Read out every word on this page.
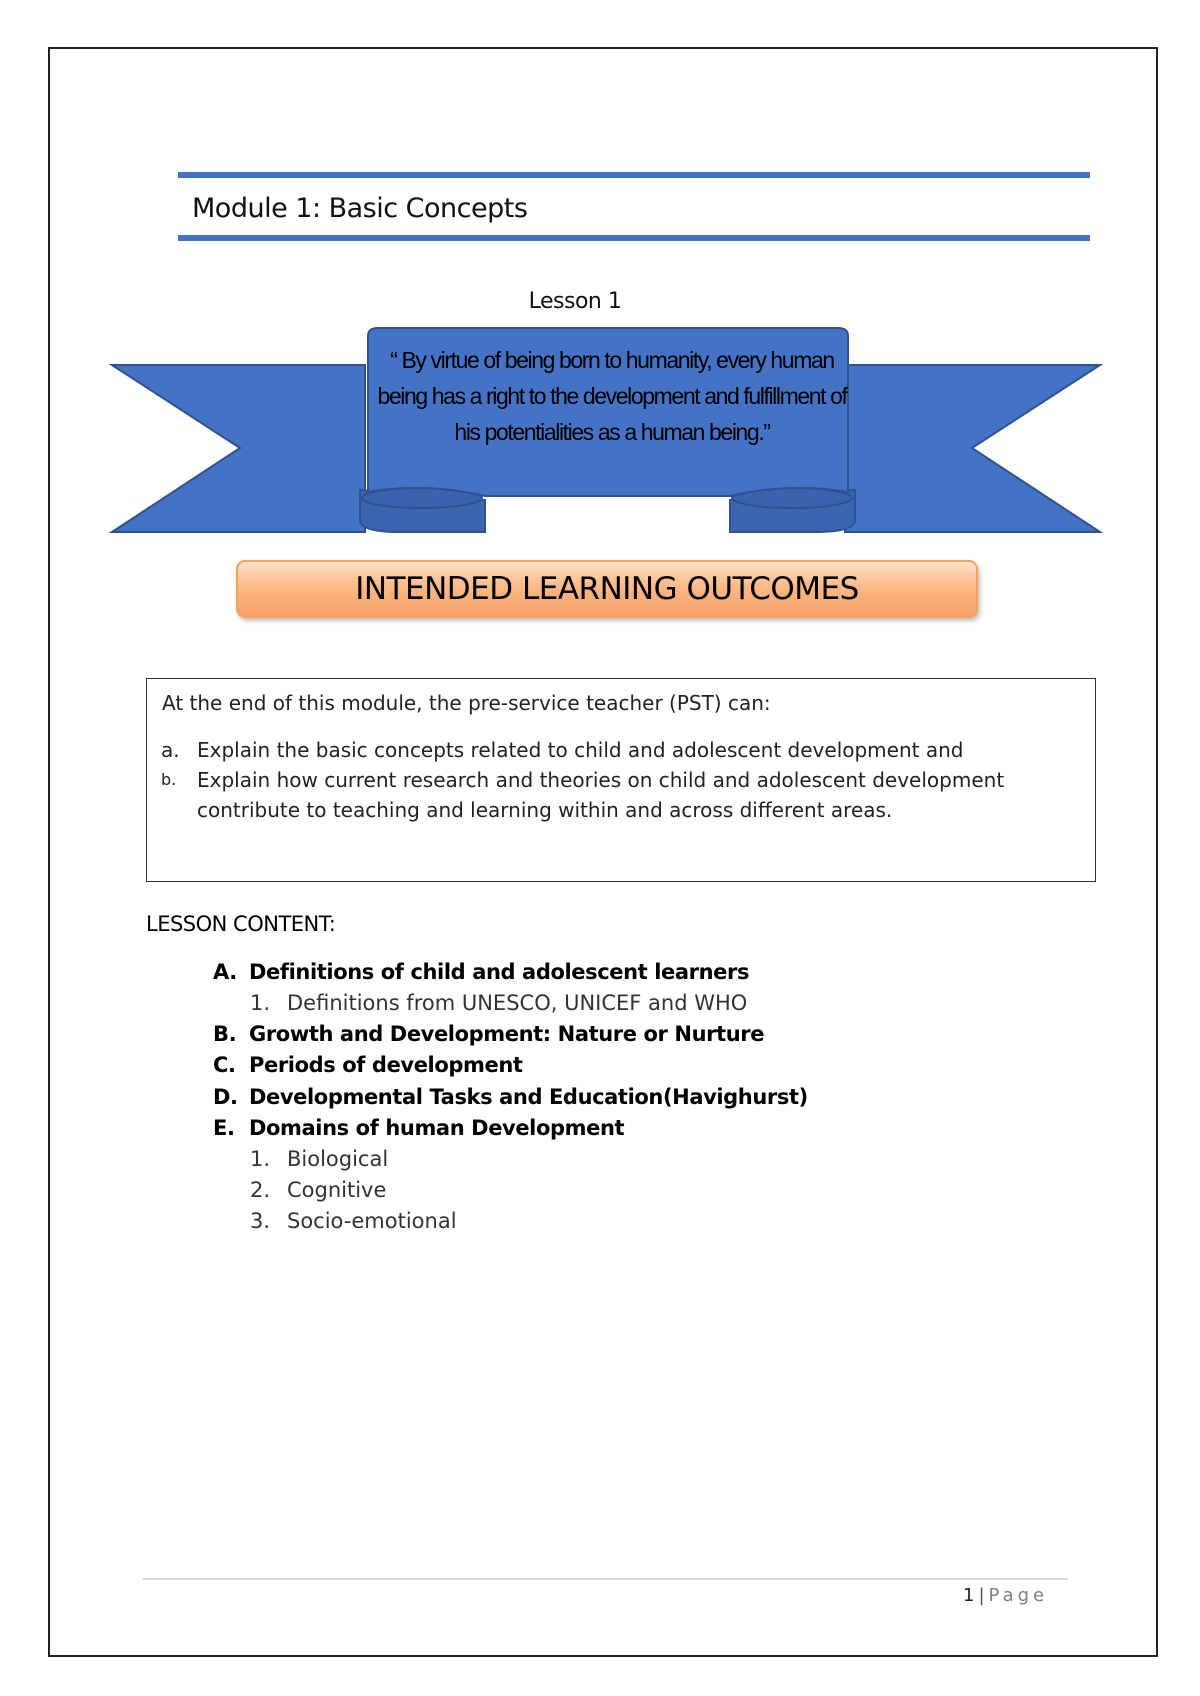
Module 1: Basic Concepts
Lesson 1
“ By virtue of being born to humanity, every human being has a right to the development and fulfillment of his potentialities as a human being.”
INTENDED LEARNING OUTCOMES
At the end of this module, the pre-service teacher (PST) can:
a. Explain the basic concepts related to child and adolescent development and
b.	Explain how current research and theories on child and adolescent development contribute to teaching and learning within and across different areas.
LESSON CONTENT:
A. Definitions of child and adolescent learners
1. Definitions from UNESCO, UNICEF and WHO
B. Growth and Development: Nature or Nurture
C. Periods of development
D. Developmental Tasks and Education(Havighurst)
E. Domains of human Development
1. Biological
2. Cognitive
3. Socio-emotional
1 | Page
